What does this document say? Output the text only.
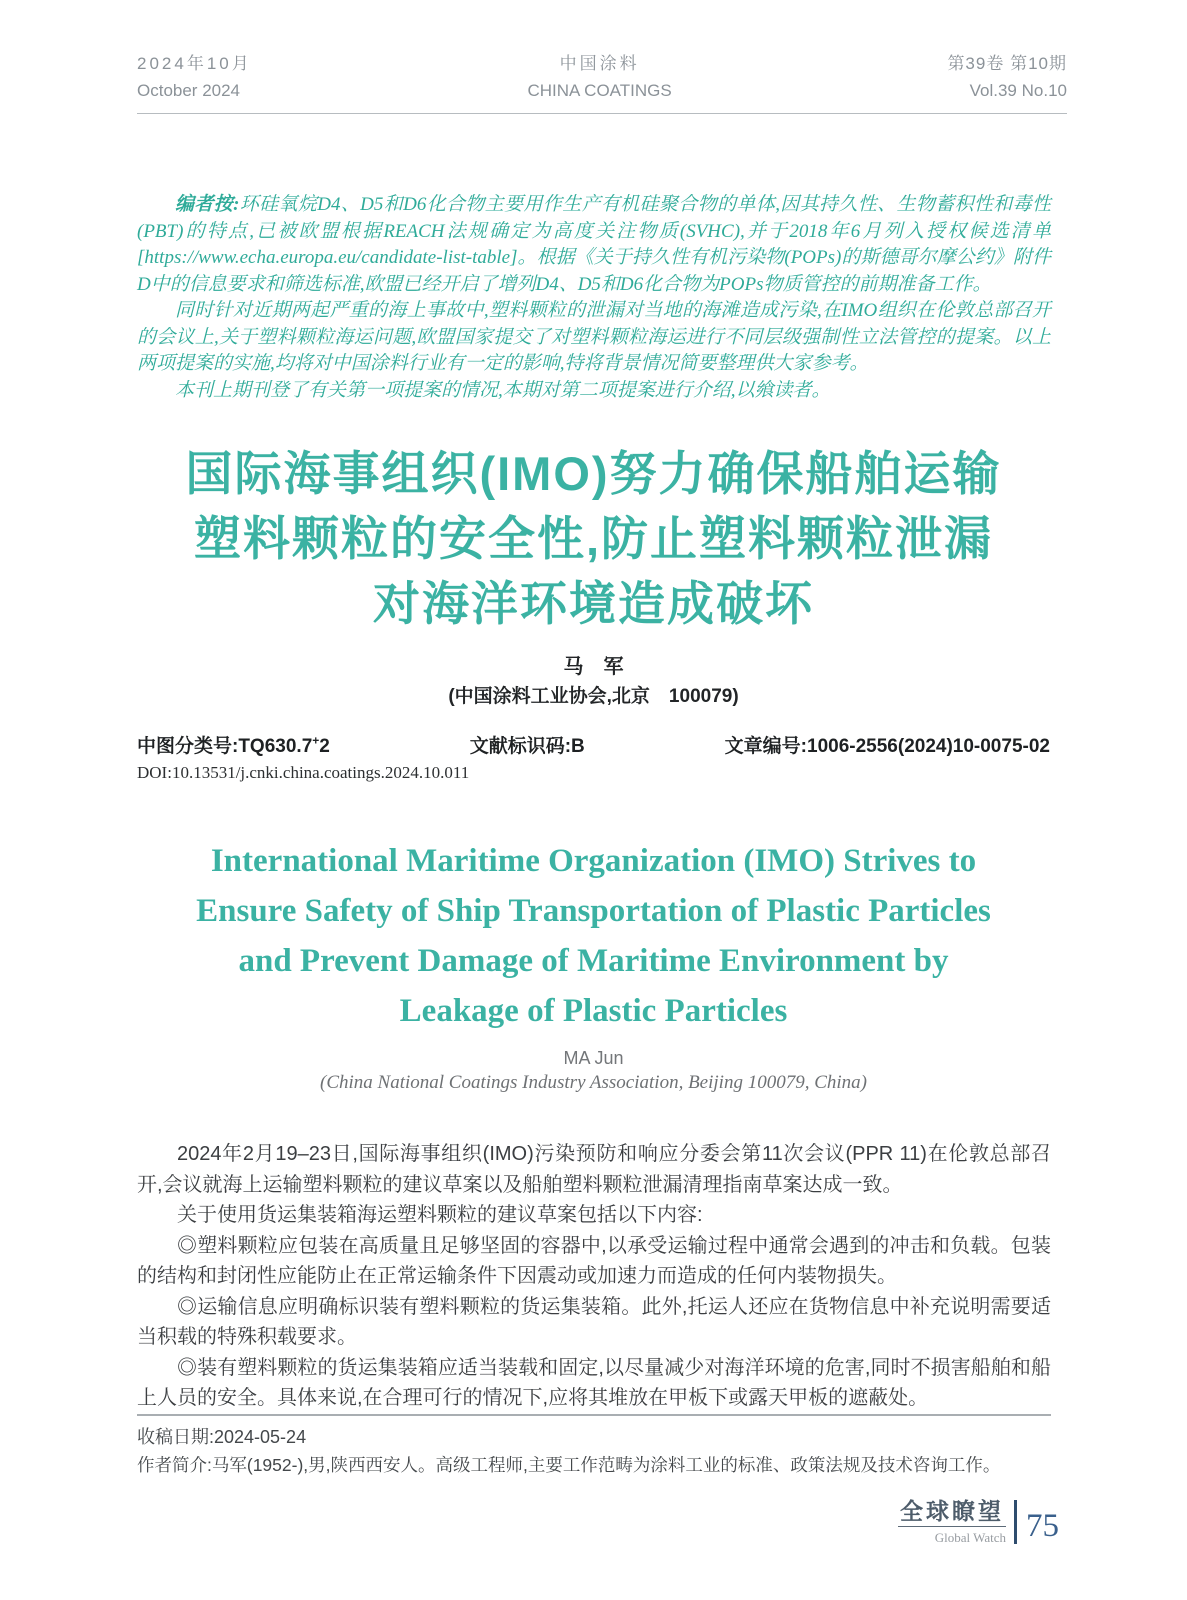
2024年10月
October 2024
中国涂料
CHINA COATINGS
第39卷 第10期
Vol.39 No.10

编者按:环硅氧烷D4、D5和D6化合物主要用作生产有机硅聚合物的单体,因其持久性、生物蓄积性和毒性(PBT)的特点,已被欧盟根据REACH法规确定为高度关注物质(SVHC),并于2018年6月列入授权候选清单[https://www.echa.europa.eu/candidate-list-table]。根据《关于持久性有机污染物(POPs)的斯德哥尔摩公约》附件D中的信息要求和筛选标准,欧盟已经开启了增列D4、D5和D6化合物为POPs物质管控的前期准备工作。

同时针对近期两起严重的海上事故中,塑料颗粒的泄漏对当地的海滩造成污染,在IMO组织在伦敦总部召开的会议上,关于塑料颗粒海运问题,欧盟国家提交了对塑料颗粒海运进行不同层级强制性立法管控的提案。以上两项提案的实施,均将对中国涂料行业有一定的影响,特将背景情况简要整理供大家参考。

本刊上期刊登了有关第一项提案的情况,本期对第二项提案进行介绍,以飨读者。

国际海事组织(IMO)努力确保船舶运输
塑料颗粒的安全性,防止塑料颗粒泄漏
对海洋环境造成破坏
马　军
(中国涂料工业协会,北京　100079)
中图分类号:TQ630.7+2	文献标识码:B	文章编号:1006-2556(2024)10-0075-02
DOI:10.13531/j.cnki.china.coatings.2024.10.011
International Maritime Organization (IMO) Strives to
Ensure Safety of Ship Transportation of Plastic Particles
and Prevent Damage of Maritime Environment by
Leakage of Plastic Particles
MA Jun
(China National Coatings Industry Association, Beijing 100079, China)

2024年2月19–23日,国际海事组织(IMO)污染预防和响应分委会第11次会议(PPR 11)在伦敦总部召开,会议就海上运输塑料颗粒的建议草案以及船舶塑料颗粒泄漏清理指南草案达成一致。

关于使用货运集装箱海运塑料颗粒的建议草案包括以下内容:

◎塑料颗粒应包装在高质量且足够坚固的容器中,以承受运输过程中通常会遇到的冲击和负载。包装的结构和封闭性应能防止在正常运输条件下因震动或加速力而造成的任何内装物损失。

◎运输信息应明确标识装有塑料颗粒的货运集装箱。此外,托运人还应在货物信息中补充说明需要适当积载的特殊积载要求。

◎装有塑料颗粒的货运集装箱应适当装载和固定,以尽量减少对海洋环境的危害,同时不损害船舶和船上人员的安全。具体来说,在合理可行的情况下,应将其堆放在甲板下或露天甲板的遮蔽处。

收稿日期:2024-05-24
作者简介:马军(1952-),男,陕西西安人。高级工程师,主要工作范畴为涂料工业的标准、政策法规及技术咨询工作。
全球瞭望
Global Watch 75
